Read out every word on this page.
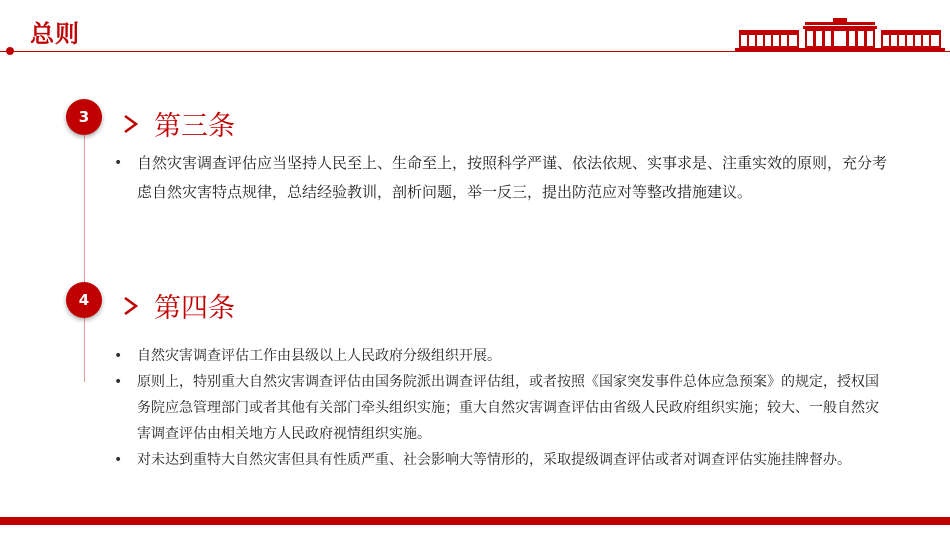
总则
3	第三条
• 自然灾害调查评估应当坚持人民至上、生命至上，按照科学严谨、依法依规、实事求是、注重实效的原则，充分考虑自然灾害特点规律，总结经验教训，剖析问题，举一反三，提出防范应对等整改措施建议。
4	第四条
• 自然灾害调查评估工作由县级以上人民政府分级组织开展。
• 原则上，特别重大自然灾害调查评估由国务院派出调查评估组，或者按照《国家突发事件总体应急预案》的规定，授权国务院应急管理部门或者其他有关部门牵头组织实施；重大自然灾害调查评估由省级人民政府组织实施；较大、一般自然灾害调查评估由相关地方人民政府视情组织实施。
• 对未达到重特大自然灾害但具有性质严重、社会影响大等情形的，采取提级调查评估或者对调查评估实施挂牌督办。
